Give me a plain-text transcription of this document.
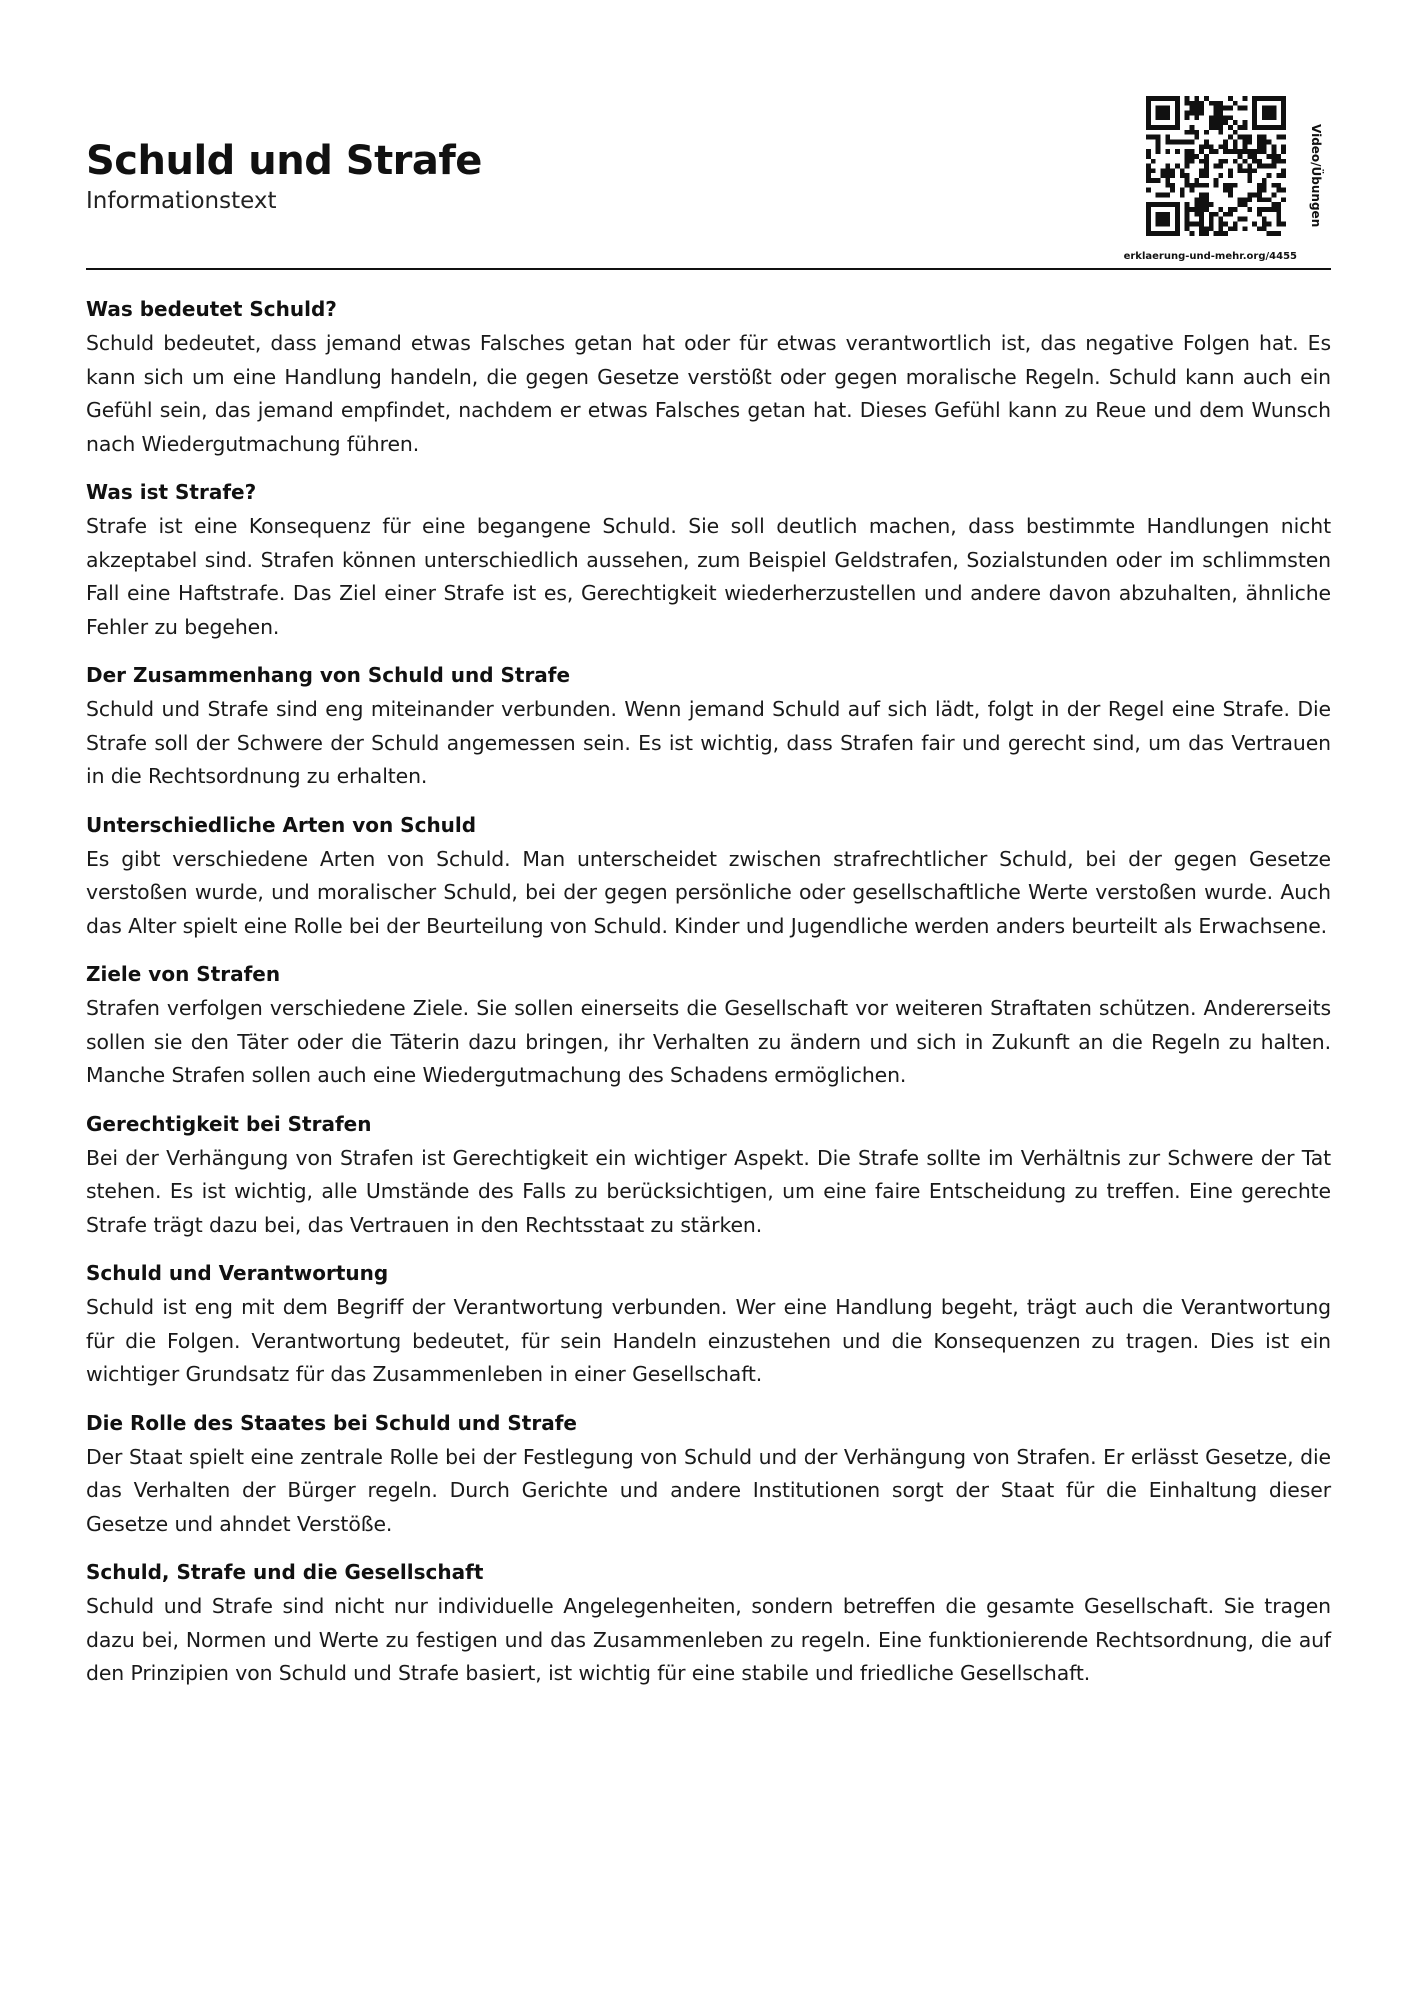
Schuld und Strafe
Informationstext	Video/Übungen
erklaerung-und-mehr.org/4455
Was bedeutet Schuld?

Schuld bedeutet, dass jemand etwas Falsches getan hat oder für etwas verantwortlich ist, das negative Folgen hat. Es kann sich um eine Handlung handeln, die gegen Gesetze verstößt oder gegen moralische Regeln. Schuld kann auch ein Gefühl sein, das jemand empfindet, nachdem er etwas Falsches getan hat. Dieses Gefühl kann zu Reue und dem Wunsch nach Wiedergutmachung führen.

Was ist Strafe?

Strafe ist eine Konsequenz für eine begangene Schuld. Sie soll deutlich machen, dass bestimmte Handlungen nicht akzeptabel sind. Strafen können unterschiedlich aussehen, zum Beispiel Geldstrafen, Sozialstunden oder im schlimmsten Fall eine Haftstrafe. Das Ziel einer Strafe ist es, Gerechtigkeit wiederherzustellen und andere davon abzuhalten, ähnliche Fehler zu begehen.

Der Zusammenhang von Schuld und Strafe

Schuld und Strafe sind eng miteinander verbunden. Wenn jemand Schuld auf sich lädt, folgt in der Regel eine Strafe. Die Strafe soll der Schwere der Schuld angemessen sein. Es ist wichtig, dass Strafen fair und gerecht sind, um das Vertrauen in die Rechtsordnung zu erhalten.

Unterschiedliche Arten von Schuld

Es gibt verschiedene Arten von Schuld. Man unterscheidet zwischen strafrechtlicher Schuld, bei der gegen Gesetze verstoßen wurde, und moralischer Schuld, bei der gegen persönliche oder gesellschaftliche Werte verstoßen wurde. Auch das Alter spielt eine Rolle bei der Beurteilung von Schuld. Kinder und Jugendliche werden anders beurteilt als Erwachsene.

Ziele von Strafen

Strafen verfolgen verschiedene Ziele. Sie sollen einerseits die Gesellschaft vor weiteren Straftaten schützen. Andererseits sollen sie den Täter oder die Täterin dazu bringen, ihr Verhalten zu ändern und sich in Zukunft an die Regeln zu halten. Manche Strafen sollen auch eine Wiedergutmachung des Schadens ermöglichen.

Gerechtigkeit bei Strafen

Bei der Verhängung von Strafen ist Gerechtigkeit ein wichtiger Aspekt. Die Strafe sollte im Verhältnis zur Schwere der Tat stehen. Es ist wichtig, alle Umstände des Falls zu berücksichtigen, um eine faire Entscheidung zu treffen. Eine gerechte Strafe trägt dazu bei, das Vertrauen in den Rechtsstaat zu stärken.

Schuld und Verantwortung

Schuld ist eng mit dem Begriff der Verantwortung verbunden. Wer eine Handlung begeht, trägt auch die Verantwortung für die Folgen. Verantwortung bedeutet, für sein Handeln einzustehen und die Konsequenzen zu tragen. Dies ist ein wichtiger Grundsatz für das Zusammenleben in einer Gesellschaft.

Die Rolle des Staates bei Schuld und Strafe

Der Staat spielt eine zentrale Rolle bei der Festlegung von Schuld und der Verhängung von Strafen. Er erlässt Gesetze, die das Verhalten der Bürger regeln. Durch Gerichte und andere Institutionen sorgt der Staat für die Einhaltung dieser Gesetze und ahndet Verstöße.

Schuld, Strafe und die Gesellschaft

Schuld und Strafe sind nicht nur individuelle Angelegenheiten, sondern betreffen die gesamte Gesellschaft. Sie tragen dazu bei, Normen und Werte zu festigen und das Zusammenleben zu regeln. Eine funktionierende Rechtsordnung, die auf den Prinzipien von Schuld und Strafe basiert, ist wichtig für eine stabile und friedliche Gesellschaft.
